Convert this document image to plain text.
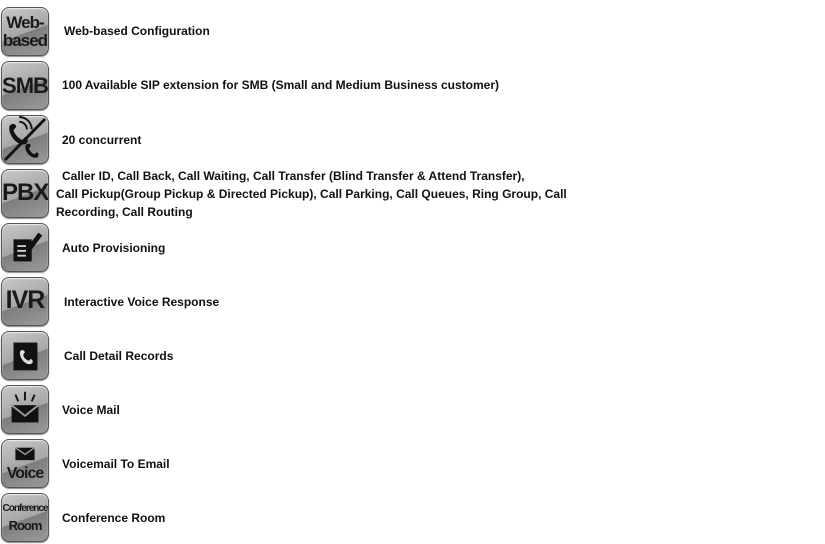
Web-
based Web-based Configuration
SMB 100 Available SIP extension for SMB (Small and Medium Business customer)
20 concurrent
PBX
Caller ID, Call Back, Call Waiting, Call Transfer (Blind Transfer & Attend Transfer),
Call Pickup(Group Pickup & Directed Pickup), Call Parking, Call Queues, Ring Group, Call Recording, Call Routing
Auto Provisioning
IVR	Interactive Voice Response
Call Detail Records
Voice Mail
Voice
Voicemail To Email
Conference
Room	Conference Room
